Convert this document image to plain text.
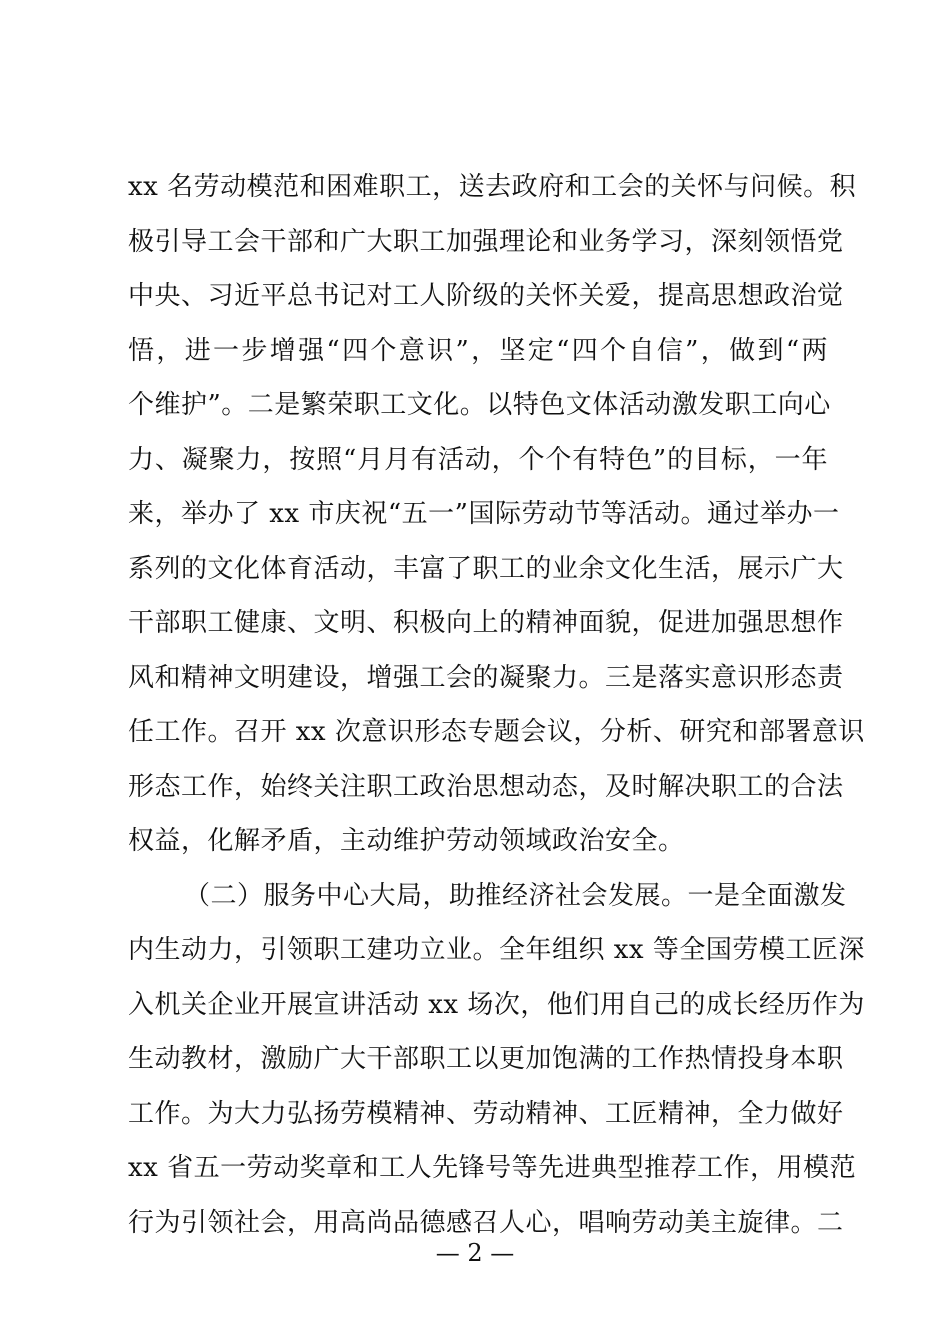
xx 名劳动模范和困难职工，送去政府和工会的关怀与问候。积
极引导工会干部和广大职工加强理论和业务学习，深刻领悟党
中央、习近平总书记对工人阶级的关怀关爱，提高思想政治觉
悟，进一步增强“四个意识”，坚定“四个自信”，做到“两
个维护”。二是繁荣职工文化。以特色文体活动激发职工向心
力、凝聚力，按照“月月有活动，个个有特色”的目标，一年
来，举办了 xx 市庆祝“五一”国际劳动节等活动。通过举办一
系列的文化体育活动，丰富了职工的业余文化生活，展示广大
干部职工健康、文明、积极向上的精神面貌，促进加强思想作
风和精神文明建设，增强工会的凝聚力。三是落实意识形态责
任工作。召开 xx 次意识形态专题会议，分析、研究和部署意识
形态工作，始终关注职工政治思想动态，及时解决职工的合法
权益，化解矛盾，主动维护劳动领域政治安全。
（二）服务中心大局，助推经济社会发展。一是全面激发
内生动力，引领职工建功立业。全年组织 xx 等全国劳模工匠深
入机关企业开展宣讲活动 xx 场次，他们用自己的成长经历作为
生动教材，激励广大干部职工以更加饱满的工作热情投身本职
工作。为大力弘扬劳模精神、劳动精神、工匠精神，全力做好
xx 省五一劳动奖章和工人先锋号等先进典型推荐工作，用模范
行为引领社会，用高尚品德感召人心，唱响劳动美主旋律。二
— 2 —
